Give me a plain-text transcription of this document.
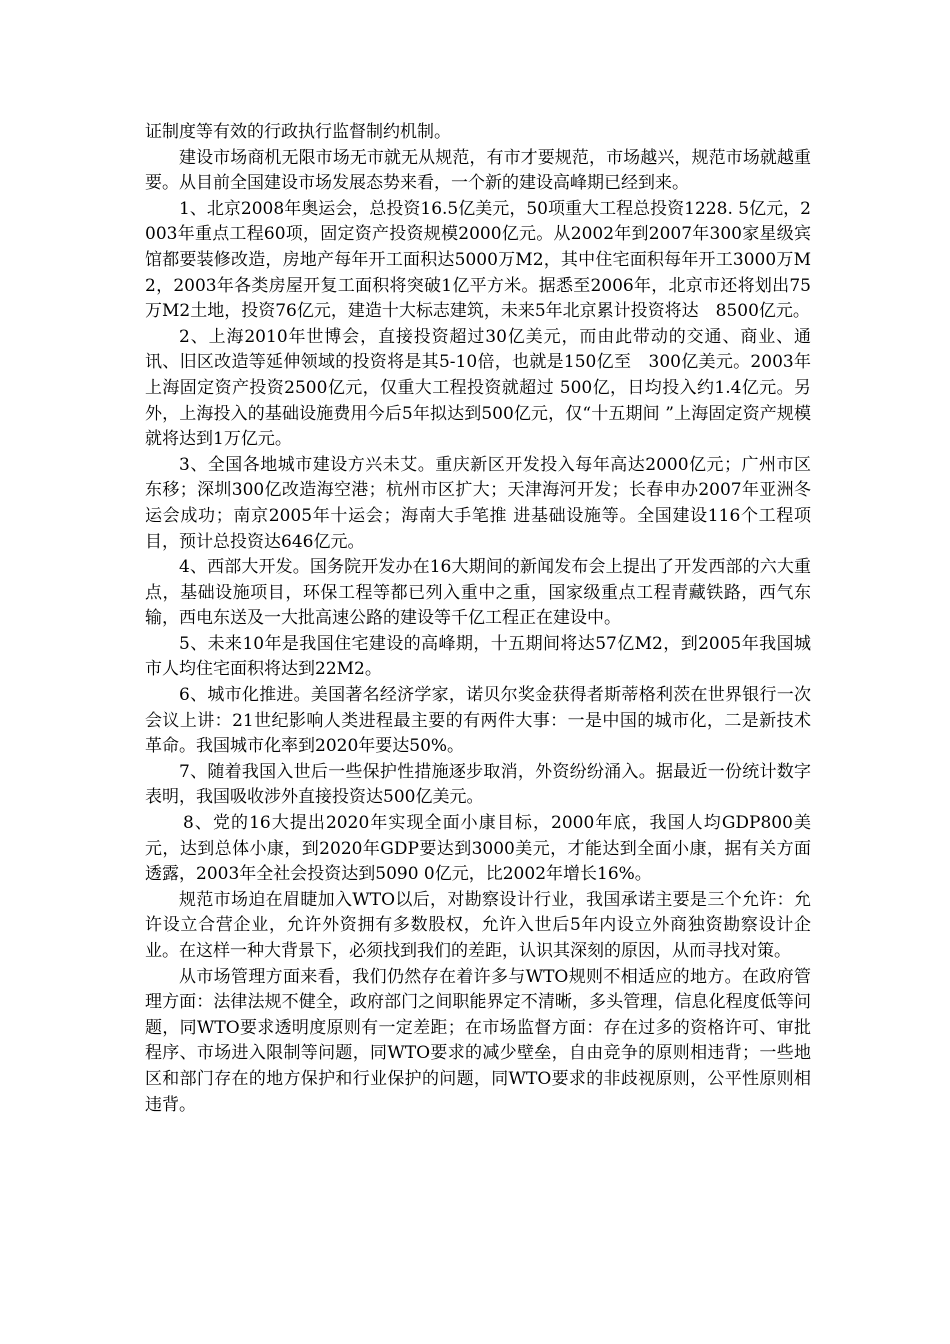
证制度等有效的行政执行监督制约机制。

建设市场商机无限市场无市就无从规范，有市才要规范，市场越兴，规范市场就越重要。从目前全国建设市场发展态势来看，一个新的建设高峰期已经到来。

1、北京2008年奥运会，总投资16.5亿美元，50项重大工程总投资1228. 5亿元，2003年重点工程60项，固定资产投资规模2000亿元。从2002年到2007年300家星级宾馆都要装修改造，房地产每年开工面积达5000万M2，其中住宅面积每年开工3000万M2，2003年各类房屋开复工面积将突破1亿平方米。据悉至2006年，北京市还将划出75万M2土地，投资76亿元，建造十大标志建筑，未来5年北京累计投资将达　8500亿元。

2、上海2010年世博会，直接投资超过30亿美元，而由此带动的交通、商业、通讯、旧区改造等延伸领域的投资将是其5-10倍，也就是150亿至　300亿美元。2003年上海固定资产投资2500亿元，仅重大工程投资就超过 500亿，日均投入约1.4亿元。另外，上海投入的基础设施费用今后5年拟达到500亿元，仅“十五期间 ”上海固定资产规模就将达到1万亿元。

3、全国各地城市建设方兴未艾。重庆新区开发投入每年高达2000亿元；广州市区东移；深圳300亿改造海空港；杭州市区扩大；天津海河开发；长春申办2007年亚洲冬运会成功；南京2005年十运会；海南大手笔推 进基础设施等。全国建设116个工程项目，预计总投资达646亿元。

4、西部大开发。国务院开发办在16大期间的新闻发布会上提出了开发西部的六大重点，基础设施项目，环保工程等都已列入重中之重，国家级重点工程青藏铁路，西气东输，西电东送及一大批高速公路的建设等千亿工程正在建设中。

5、未来10年是我国住宅建设的高峰期，十五期间将达57亿M2，到2005年我国城市人均住宅面积将达到22M2。

6、城市化推进。美国著名经济学家，诺贝尔奖金获得者斯蒂格利茨在世界银行一次会议上讲：21世纪影响人类进程最主要的有两件大事：一是中国的城市化，二是新技术革命。我国城市化率到2020年要达50%。

7、随着我国入世后一些保护性措施逐步取消，外资纷纷涌入。据最近一份统计数字表明，我国吸收涉外直接投资达500亿美元。

8、党的16大提出2020年实现全面小康目标，2000年底，我国人均GDP800美元，达到总体小康，到2020年GDP要达到3000美元，才能达到全面小康，据有关方面透露，2003年全社会投资达到5090 0亿元，比2002年增长16%。

规范市场迫在眉睫加入WTO以后，对勘察设计行业，我国承诺主要是三个允许：允许设立合营企业，允许外资拥有多数股权，允许入世后5年内设立外商独资勘察设计企业。在这样一种大背景下，必须找到我们的差距，认识其深刻的原因，从而寻找对策。

从市场管理方面来看，我们仍然存在着许多与WTO规则不相适应的地方。在政府管理方面：法律法规不健全，政府部门之间职能界定不清晰，多头管理，信息化程度低等问题，同WTO要求透明度原则有一定差距；在市场监督方面：存在过多的资格许可、审批程序、市场进入限制等问题，同WTO要求的减少壁垒，自由竞争的原则相违背；一些地区和部门存在的地方保护和行业保护的问题，同WTO要求的非歧视原则，公平性原则相违背。
